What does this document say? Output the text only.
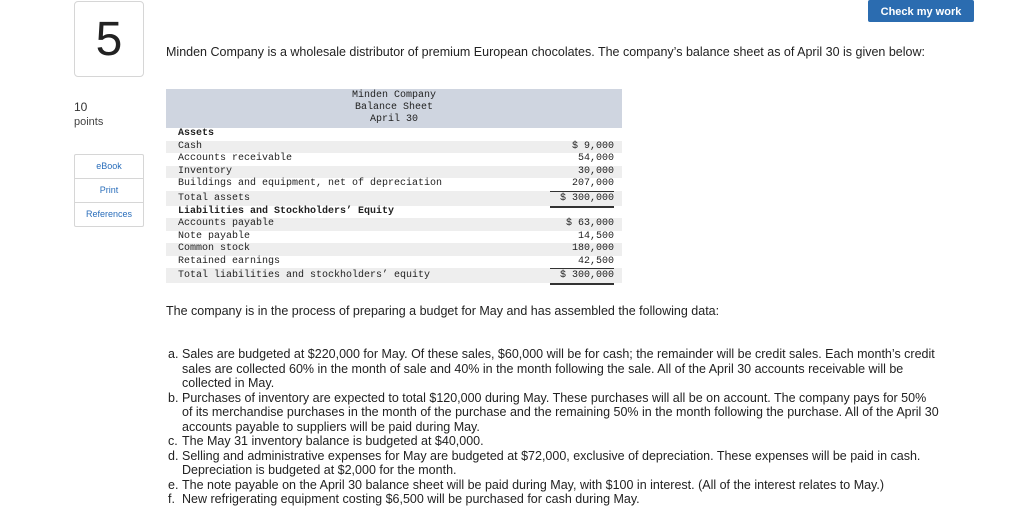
5
10
points
eBook
Print
References
Check my work
Minden Company is a wholesale distributor of premium European chocolates. The company’s balance sheet as of April 30 is given below:
Minden Company
Balance Sheet
April 30
Assets
Cash	$ 9,000
Accounts receivable	54,000
Inventory	30,000
Buildings and equipment, net of depreciation	207,000
Total assets	$ 300,000
Liabilities and Stockholders’ Equity
Accounts payable	$ 63,000
Note payable	14,500
Common stock	180,000
Retained earnings	42,500
Total liabilities and stockholders’ equity	$ 300,000
The company is in the process of preparing a budget for May and has assembled the following data:
a. Sales are budgeted at $220,000 for May. Of these sales, $60,000 will be for cash; the remainder will be credit sales. Each month’s credit sales are collected 60% in the month of sale and 40% in the month following the sale. All of the April 30 accounts receivable will be collected in May.
b. Purchases of inventory are expected to total $120,000 during May. These purchases will all be on account. The company pays for 50% of its merchandise purchases in the month of the purchase and the remaining 50% in the month following the purchase. All of the April 30 accounts payable to suppliers will be paid during May.
c. The May 31 inventory balance is budgeted at $40,000.
d. Selling and administrative expenses for May are budgeted at $72,000, exclusive of depreciation. These expenses will be paid in cash. Depreciation is budgeted at $2,000 for the month.
e. The note payable on the April 30 balance sheet will be paid during May, with $100 in interest. (All of the interest relates to May.)
f. New refrigerating equipment costing $6,500 will be purchased for cash during May.
